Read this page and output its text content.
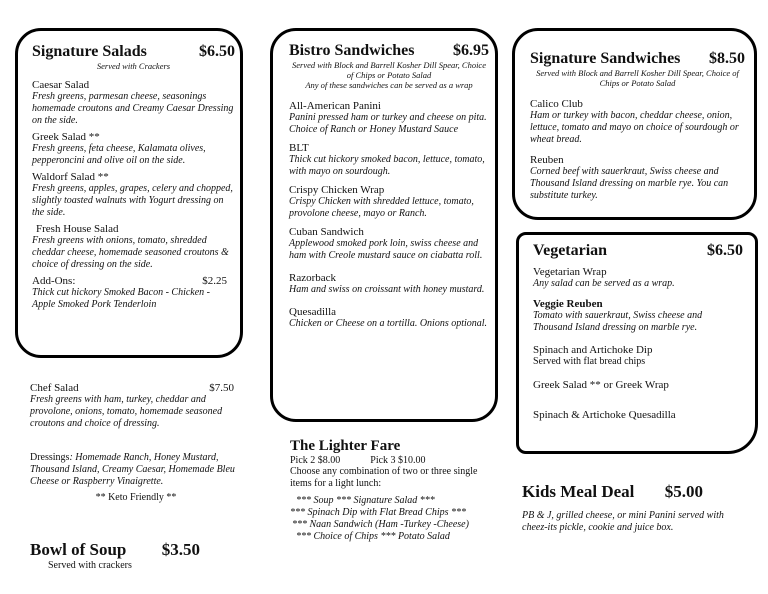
Signature Salads	$6.50
Served with Crackers

Caesar Salad

Fresh greens, parmesan cheese, seasonings homemade croutons and Creamy Caesar Dressing on the side.

Greek Salad **

Fresh greens, feta cheese, Kalamata olives, pepperoncini and olive oil on the side.

Waldorf Salad **

Fresh greens, apples, grapes, celery and chopped, slightly toasted walnuts with Yogurt dressing on the side.

Fresh House Salad

Fresh greens with onions, tomato, shredded cheddar cheese, homemade seasoned croutons & choice of dressing on the side.

Add-Ons:	$2.25

Thick cut hickory Smoked Bacon - Chicken - Apple Smoked Pork Tenderloin

Chef Salad	$7.50

Fresh greens with ham, turkey, cheddar and provolone, onions, tomato, homemade seasoned croutons and choice of dressing.

Dressings: Homemade Ranch, Honey Mustard, Thousand Island, Creamy Caesar, Homemade Bleu Cheese or Raspberry Vinaigrette.

** Keto Friendly **

Bowl of Soup $3.50

Served with crackers

Bistro Sandwiches $6.95
Served with Block and Barrell Kosher Dill Spear, Choice of Chips or Potato Salad
Any of these sandwiches can be served as a wrap

All-American Panini

Panini pressed ham or turkey and cheese on pita. Choice of Ranch or Honey Mustard Sauce

BLT

Thick cut hickory smoked bacon, lettuce, tomato, with mayo on sourdough.

Crispy Chicken Wrap

Crispy Chicken with shredded lettuce, tomato, provolone cheese, mayo or Ranch.

Cuban Sandwich

Applewood smoked pork loin, swiss cheese and ham with Creole mustard sauce on ciabatta roll.

Razorback

Ham and swiss on croissant with honey mustard.

Quesadilla

Chicken or Cheese on a tortilla. Onions optional.

The Lighter Fare

Pick 2 $8.00	Pick 3 $10.00

Choose any combination of two or three single items for a light lunch:

*** Soup *** Signature Salad ***

*** Spinach Dip with Flat Bread Chips ***

*** Naan Sandwich (Ham -Turkey -Cheese)

*** Choice of Chips *** Potato Salad

Signature Sandwiches $8.50
Served with Block and Barrell Kosher Dill Spear, Choice of Chips or Potato Salad

Calico Club

Ham or turkey with bacon, cheddar cheese, onion, lettuce, tomato and mayo on choice of sourdough or wheat bread.

Reuben

Corned beef with sauerkraut, Swiss cheese and Thousand Island dressing on marble rye. You can substitute turkey.

Vegetarian	$6.50

Vegetarian Wrap

Any salad can be served as a wrap.

Veggie Reuben

Tomato with sauerkraut, Swiss cheese and Thousand Island dressing on marble rye.

Spinach and Artichoke Dip

Served with flat bread chips

Greek Salad ** or Greek Wrap

Spinach & Artichoke Quesadilla

Kids Meal Deal $5.00

PB & J, grilled cheese, or mini Panini served with cheez-its pickle, cookie and juice box.
